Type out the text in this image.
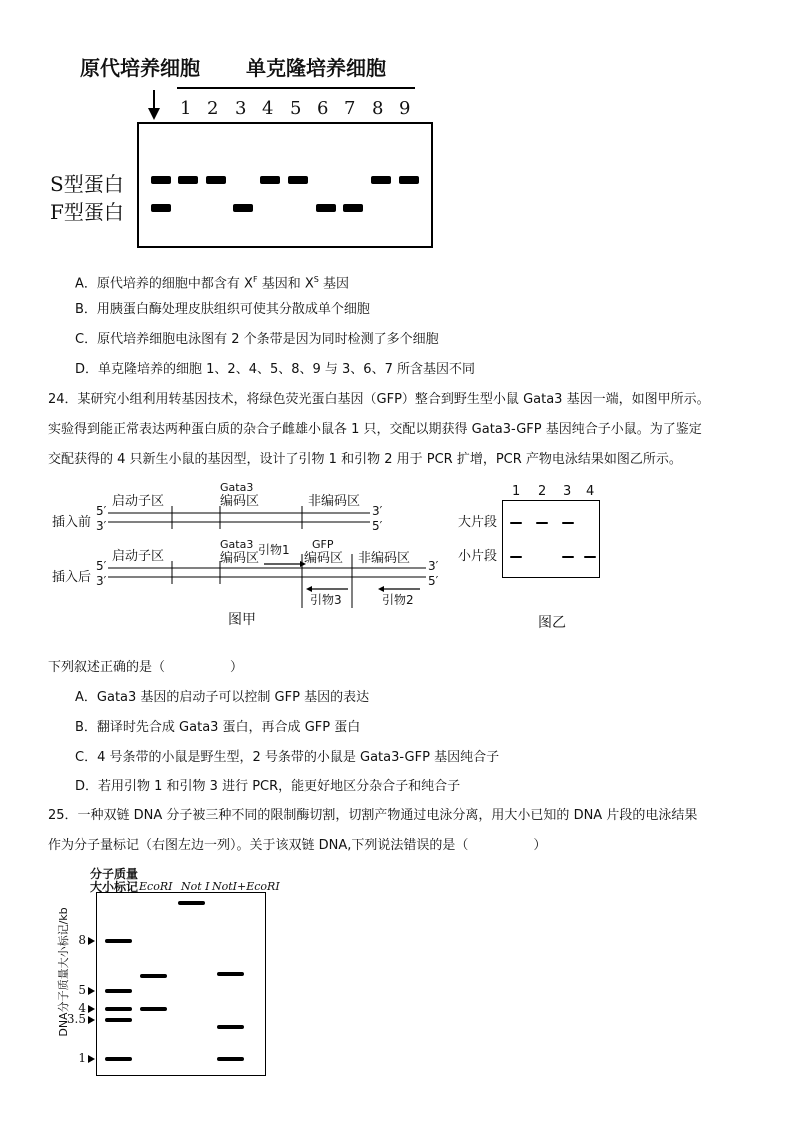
原代培养细胞 单克隆培养细胞
1 2 3 4 5 6 7 8 9
S型蛋白
F型蛋白
A．原代培养的细胞中都含有 $X^F$ 基因和 $X^S$ 基因
B．用胰蛋白酶处理皮肤组织可使其分散成单个细胞
C．原代培养细胞电泳图有 2 个条带是因为同时检测了多个细胞
D．单克隆培养的细胞 1、2、4、5、8、9 与 3、6、7 所含基因不同
24．某研究小组利用转基因技术，将绿色荧光蛋白基因（GFP）整合到野生型小鼠 Gata3 基因一端，如图甲所示。
实验得到能正常表达两种蛋白质的杂合子雌雄小鼠各 1 只，交配以期获得 Gata3-GFP 基因纯合子小鼠。为了鉴定
交配获得的 4 只新生小鼠的基因型，设计了引物 1 和引物 2 用于 PCR 扩增，PCR 产物电泳结果如图乙所示。
插入前
5′
3′
启动子区
Gata3
编码区	非编码区
3′
5′
插入后
5′
3′
启动子区
Gata3
编码区
引物1 GFP
编码区 非编码区 3′
5′
引物3	引物2
图甲
1 2 3 4
大片段
小片段
图乙
下列叙述正确的是（　　　　　）
A．Gata3 基因的启动子可以控制 GFP 基因的表达
B．翻译时先合成 Gata3 蛋白，再合成 GFP 蛋白
C．4 号条带的小鼠是野生型，2 号条带的小鼠是 Gata3-GFP 基因纯合子
D．若用引物 1 和引物 3 进行 PCR，能更好地区分杂合子和纯合子
25．一种双链 DNA 分子被三种不同的限制酶切割，切割产物通过电泳分离，用大小已知的 DNA 片段的电泳结果
作为分子量标记（右图左边一列）。关于该双链 DNA,下列说法错误的是（　　　　　）
分子质量
大小标记 EcoRI Not I NotI+EcoRI
DNA分子质量大小标记/kb 8
5
4
3.5
1
